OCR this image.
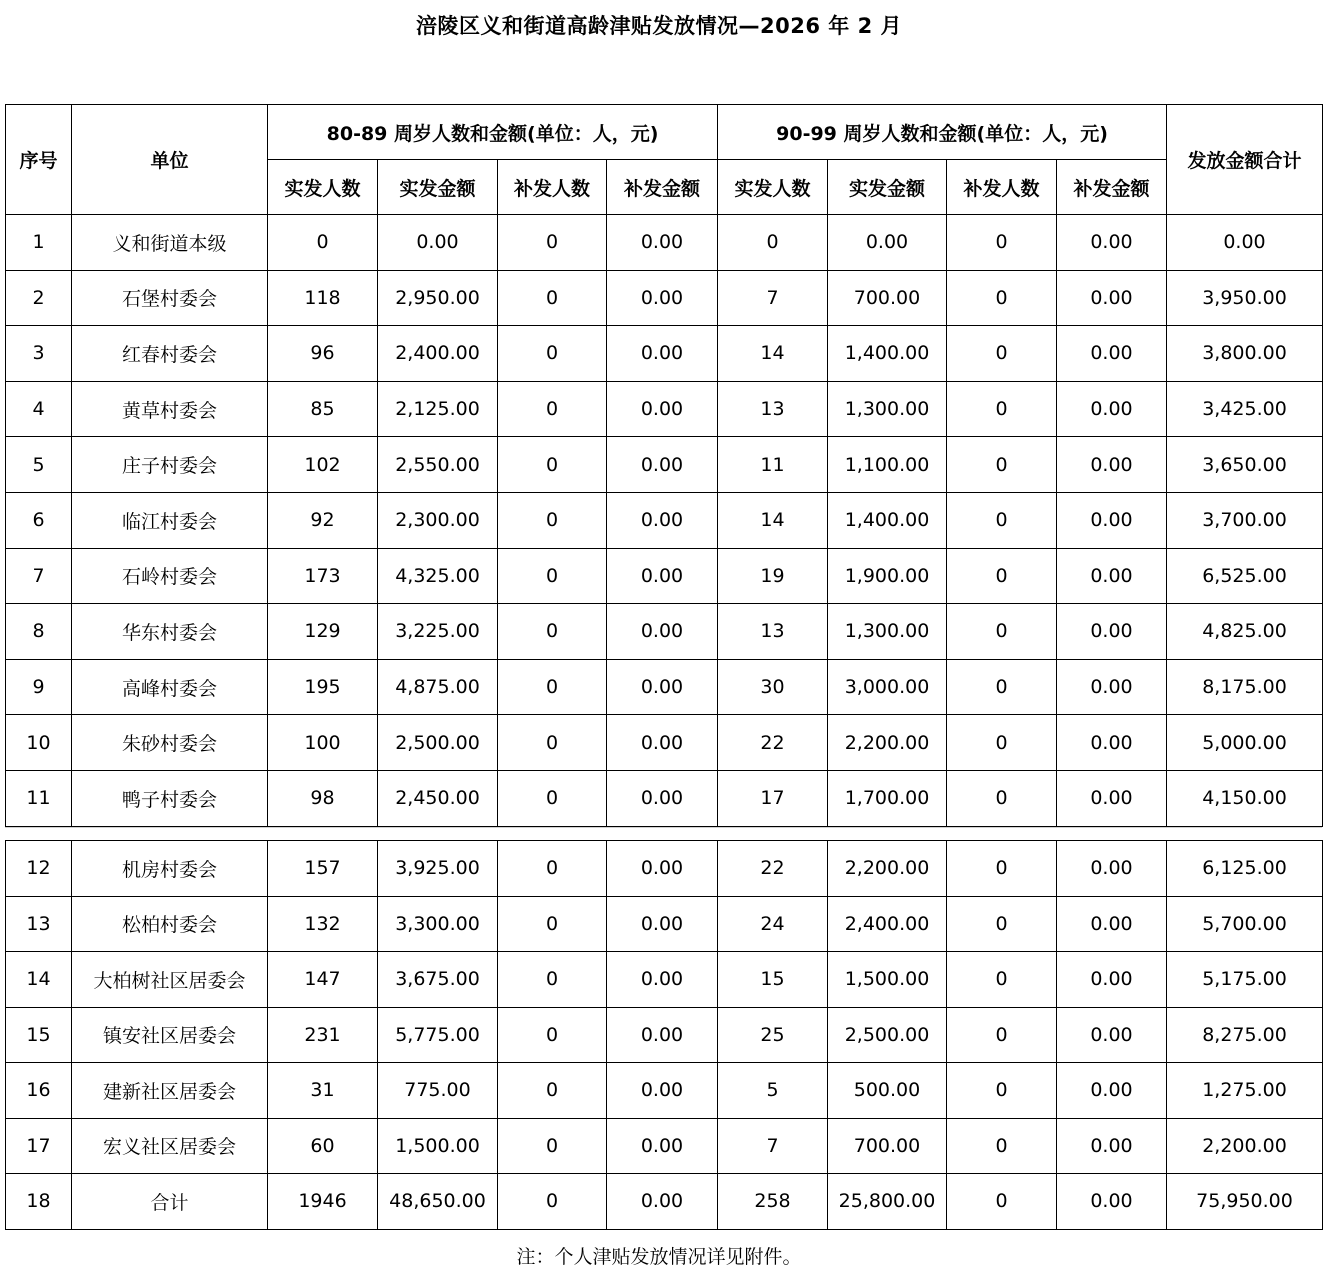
涪陵区义和街道高龄津贴发放情况—2026 年 2 月
序号	单位	80-89 周岁人数和金额(单位：人，元)				90-99 周岁人数和金额(单位：人，元)				发放金额合计
		实发人数	实发金额	补发人数	补发金额	实发人数	实发金额	补发人数	补发金额	
1	义和街道本级	0	0.00	0	0.00	0	0.00	0	0.00	0.00
2	石堡村委会	118	2,950.00	0	0.00	7	700.00	0	0.00	3,950.00
3	红春村委会	96	2,400.00	0	0.00	14	1,400.00	0	0.00	3,800.00
4	黄草村委会	85	2,125.00	0	0.00	13	1,300.00	0	0.00	3,425.00
5	庄子村委会	102	2,550.00	0	0.00	11	1,100.00	0	0.00	3,650.00
6	临江村委会	92	2,300.00	0	0.00	14	1,400.00	0	0.00	3,700.00
7	石岭村委会	173	4,325.00	0	0.00	19	1,900.00	0	0.00	6,525.00
8	华东村委会	129	3,225.00	0	0.00	13	1,300.00	0	0.00	4,825.00
9	高峰村委会	195	4,875.00	0	0.00	30	3,000.00	0	0.00	8,175.00
10	朱砂村委会	100	2,500.00	0	0.00	22	2,200.00	0	0.00	5,000.00
11	鸭子村委会	98	2,450.00	0	0.00	17	1,700.00	0	0.00	4,150.00
12	机房村委会	157	3,925.00	0	0.00	22	2,200.00	0	0.00	6,125.00
13	松柏村委会	132	3,300.00	0	0.00	24	2,400.00	0	0.00	5,700.00
14	大柏树社区居委会	147	3,675.00	0	0.00	15	1,500.00	0	0.00	5,175.00
15	镇安社区居委会	231	5,775.00	0	0.00	25	2,500.00	0	0.00	8,275.00
16	建新社区居委会	31	775.00	0	0.00	5	500.00	0	0.00	1,275.00
17	宏义社区居委会	60	1,500.00	0	0.00	7	700.00	0	0.00	2,200.00
18	合计	1946	48,650.00	0	0.00	258	25,800.00	0	0.00	75,950.00
注：个人津贴发放情况详见附件。
